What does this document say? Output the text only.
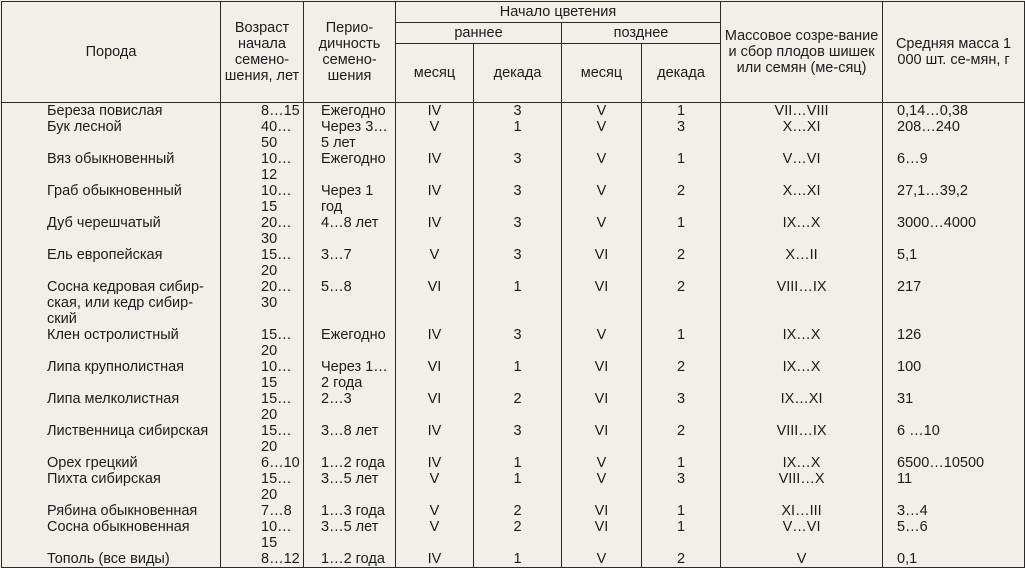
Порода	Возраст начала семено-шения, лет	Перио-дичность семено-шения	Начало цветения				Массовое созре-вание и сбор плодов шишек или семян (ме-сяц)	Средняя масса 1 000 шт. се-мян, г
			раннее		позднее			
			месяц	декада	месяц	декада		
Береза повислая	8…15	Ежегодно	IV	3	V	1	VII…VIII	0,14…0,38
Бук лесной	40…50	Через 3…5 лет	V	1	V	3	X…XI	208…240
Вяз обыкновенный	10…12	Ежегодно	IV	3	V	1	V…VI	6…9
Граб обыкновенный	10…15	Через 1 год	IV	3	V	2	X…XI	27,1…39,2
Дуб черешчатый	20…30	4…8 лет	IV	3	V	1	IX…X	3000…4000
Ель европейская	15…20	3…7	V	3	VI	2	X…II	5,1
Сосна кедровая сибир-ская, или кедр сибир-ский	20…30	5…8	VI	1	VI	2	VIII…IX	217
Клен остролистный	15…20	Ежегодно	IV	3	V	1	IX…X	126
Липа крупнолистная	10…15	Через 1…2 года	VI	1	VI	2	IX…X	100
Липа мелколистная	15…20	2…3	VI	2	VI	3	IX…XI	31
Лиственница сибирская	15…20	3…8 лет	IV	3	VI	2	VIII…IX	6 …10
Орех грецкий	6…10	1…2 года	IV	1	V	1	IX…X	6500…10500
Пихта сибирская	15…20	3…5 лет	V	1	V	3	VIII…X	11
Рябина обыкновенная	7…8	1…3 года	V	2	VI	1	XI…III	3…4
Сосна обыкновенная	10…15	3…5 лет	V	2	VI	1	V…VI	5…6
Тополь (все виды)	8…12	1…2 года	IV	1	V	2	V	0,1
